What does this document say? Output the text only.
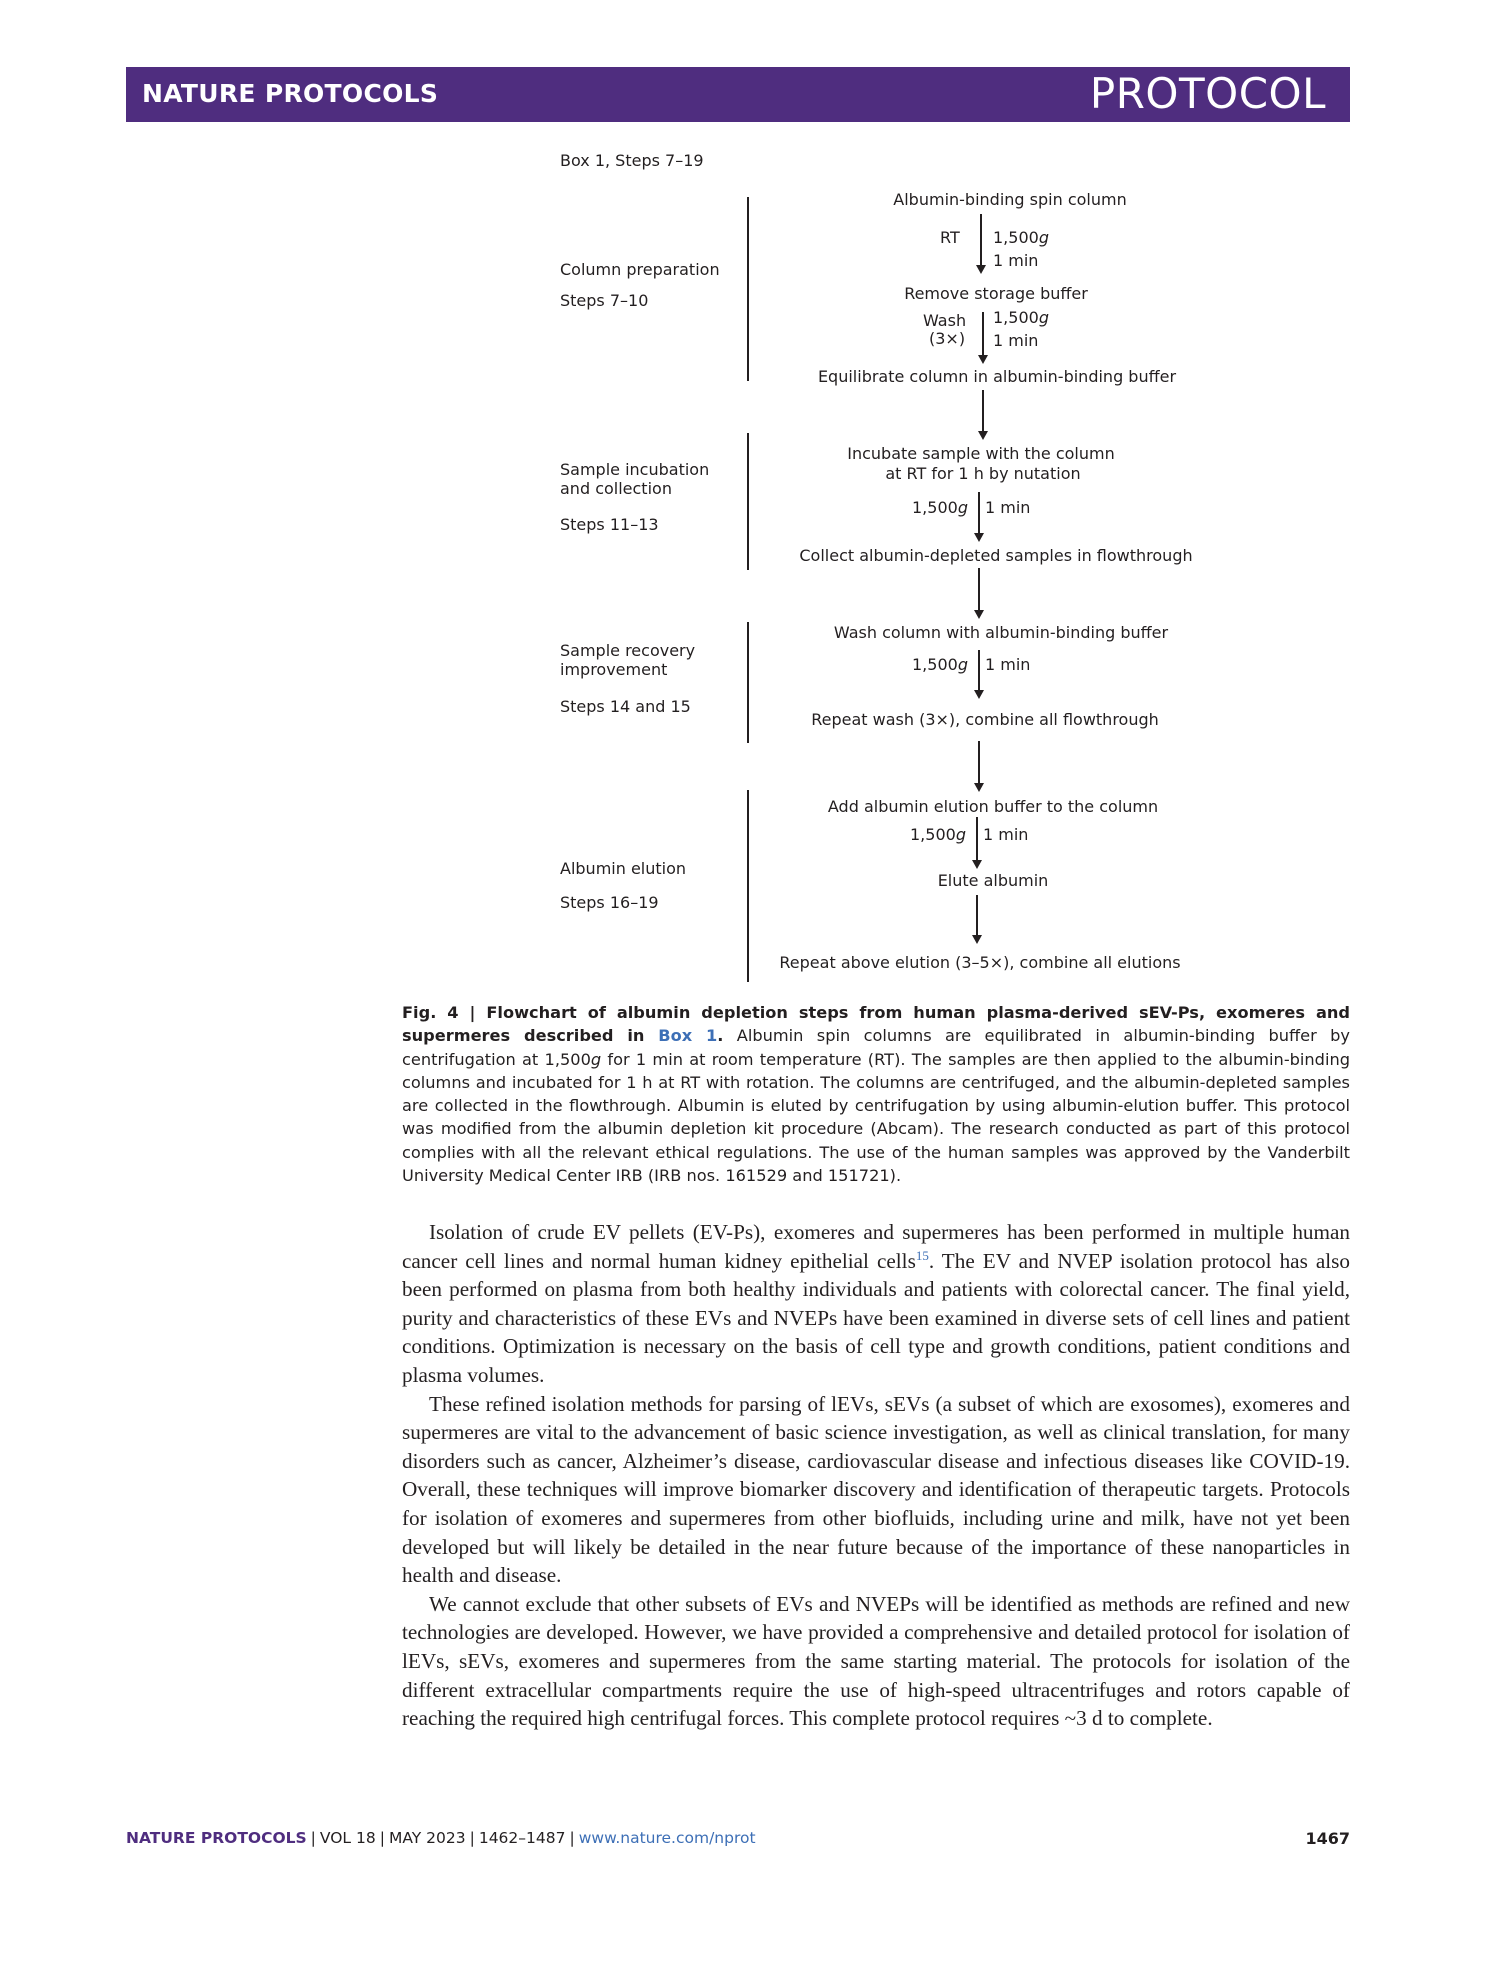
NATURE PROTOCOLS	PROTOCOL
Box 1, Steps 7–19
Column preparation
Steps 7–10
Sample incubation
and collection
Steps 11–13
Sample recovery
improvement
Steps 14 and 15
Albumin elution
Steps 16–19
Albumin-binding spin column
RT 1,500g
1 min
Remove storage buffer
Wash
(3×)
1,500g
1 min
Equilibrate column in albumin-binding buffer
Incubate sample with the column
at RT for 1 h by nutation
1,500g 1 min
Collect albumin-depleted samples in flowthrough
Wash column with albumin-binding buffer
1,500g 1 min
Repeat wash (3×), combine all flowthrough
Add albumin elution buffer to the column
1,500g 1 min
Elute albumin
Repeat above elution (3–5×), combine all elutions
Fig. 4 | Flowchart of albumin depletion steps from human plasma-derived sEV-Ps, exomeres and supermeres described in Box 1. Albumin spin columns are equilibrated in albumin-binding buffer by centrifugation at 1,500g for 1 min at room temperature (RT). The samples are then applied to the albumin-binding columns and incubated for 1 h at RT with rotation. The columns are centrifuged, and the albumin-depleted samples are collected in the flowthrough. Albumin is eluted by centrifugation by using albumin-elution buffer. This protocol was modified from the albumin depletion kit procedure (Abcam). The research conducted as part of this protocol complies with all the relevant ethical regulations. The use of the human samples was approved by the Vanderbilt University Medical Center IRB (IRB nos. 161529 and 151721).

Isolation of crude EV pellets (EV-Ps), exomeres and supermeres has been performed in multiple human cancer cell lines and normal human kidney epithelial cells$^{15}$. The EV and NVEP isolation protocol has also been performed on plasma from both healthy individuals and patients with colorectal cancer. The final yield, purity and characteristics of these EVs and NVEPs have been examined in diverse sets of cell lines and patient conditions. Optimization is necessary on the basis of cell type and growth conditions, patient conditions and plasma volumes.

These refined isolation methods for parsing of lEVs, sEVs (a subset of which are exosomes), exomeres and supermeres are vital to the advancement of basic science investigation, as well as clinical translation, for many disorders such as cancer, Alzheimer’s disease, cardiovascular disease and infectious diseases like COVID-19. Overall, these techniques will improve biomarker discovery and identification of therapeutic targets. Protocols for isolation of exomeres and supermeres from other biofluids, including urine and milk, have not yet been developed but will likely be detailed in the near future because of the importance of these nanoparticles in health and disease.

We cannot exclude that other subsets of EVs and NVEPs will be identified as methods are refined and new technologies are developed. However, we have provided a comprehensive and detailed protocol for isolation of lEVs, sEVs, exomeres and supermeres from the same starting material. The protocols for isolation of the different extracellular compartments require the use of high-speed ultracentrifuges and rotors capable of reaching the required high centrifugal forces. This complete protocol requires ~3 d to complete.

NATURE PROTOCOLS | VOL 18 | MAY 2023 | 1462–1487 | www.nature.com/nprot	1467
